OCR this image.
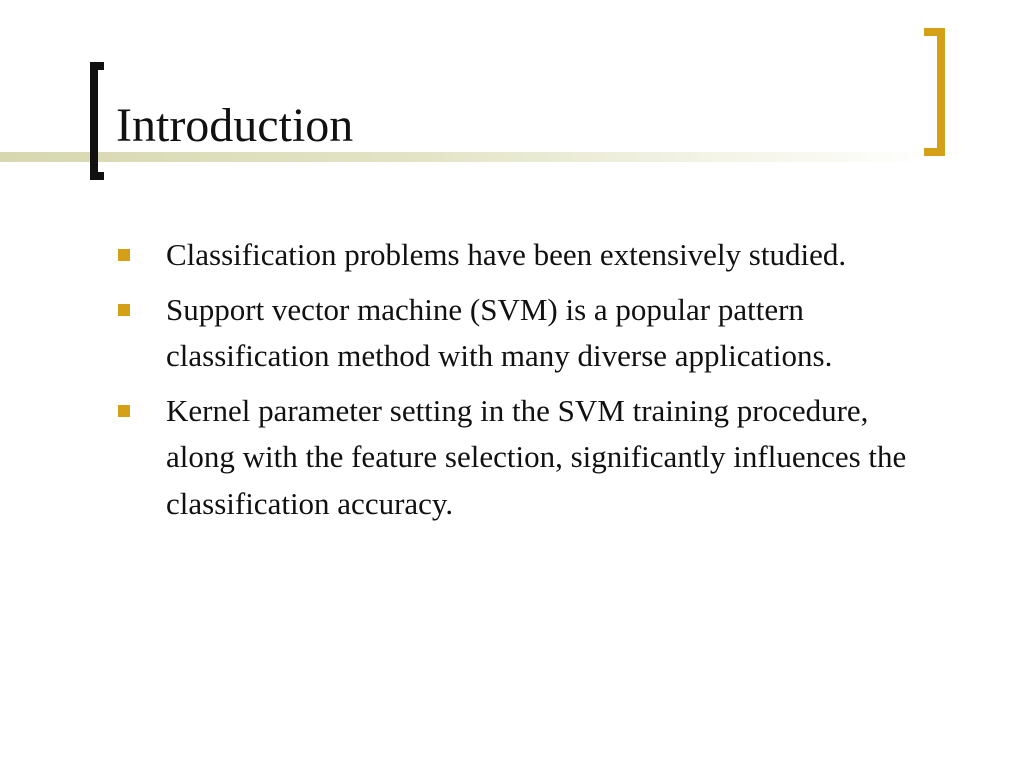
Introduction
Classification problems have been extensively studied.
Support vector machine (SVM) is a popular pattern classification method with many diverse applications.
Kernel parameter setting in the SVM training procedure, along with the feature selection, significantly influences the classification accuracy.
